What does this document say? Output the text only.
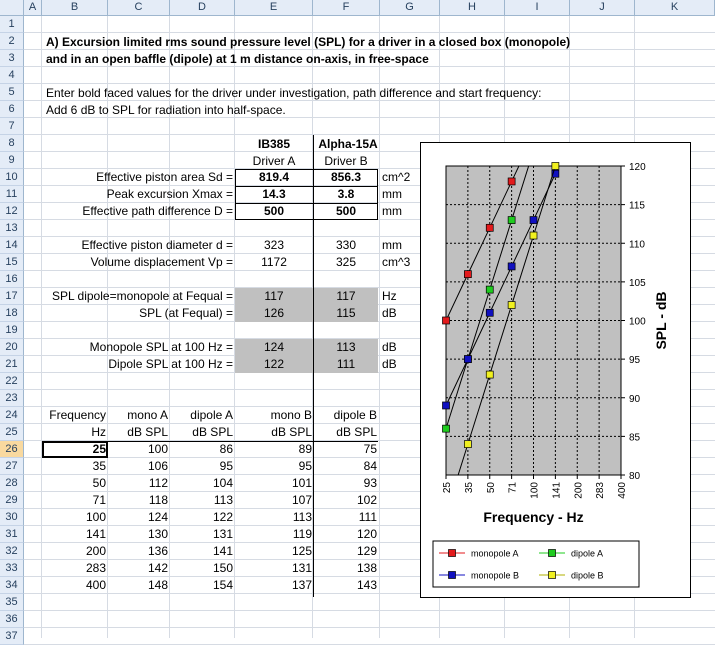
A	B	C	D	E	F	G	H	I	J	K
1
2
3
4
5
6
7
8
9
10
11
12
13
14
15
16
17
18
19
20
21
22
23
24
25
26
27
28
29
30
31
32
33
34
35
36
37
A) Excursion limited rms sound pressure level (SPL) for a driver in a closed box (monopole)
and in an open baffle (dipole) at 1 m distance on-axis, in free-space
Enter bold faced values for the driver under investigation, path difference and start frequency:
Add 6 dB to SPL for radiation into half-space.
IB385	Alpha-15A
Driver A	Driver B
Effective piston area Sd =	819.4	856.3	cm^2
Peak excursion Xmax =	14.3	3.8	mm
Effective path difference D =	500	500	mm
Effective piston diameter d =	323	330	mm
Volume displacement Vp =	1172	325	cm^3
SPL dipole=monopole at Fequal =	117	117	Hz
SPL (at Fequal) =	126	115	dB
Monopole SPL at 100 Hz =	124	113	dB
Dipole SPL at 100 Hz =	122	111	dB
Frequency	mono A	dipole A	mono B	dipole B
Hz	dB SPL	dB SPL	dB SPL	dB SPL
25	100	86	89	75
35	106	95	95	84
50	112	104	101	93
71	118	113	107	102
100	124	122	113	111
141	130	131	119	120
200	136	141	125	129
283	142	150	131	138
400	148	154	137	143
80
85
90
95
100
105
110
115
120
25 35 50 71 100 141 200 283 400
Frequency - Hz
SPL - dB
monopole A	dipole A
monopole B	dipole B
